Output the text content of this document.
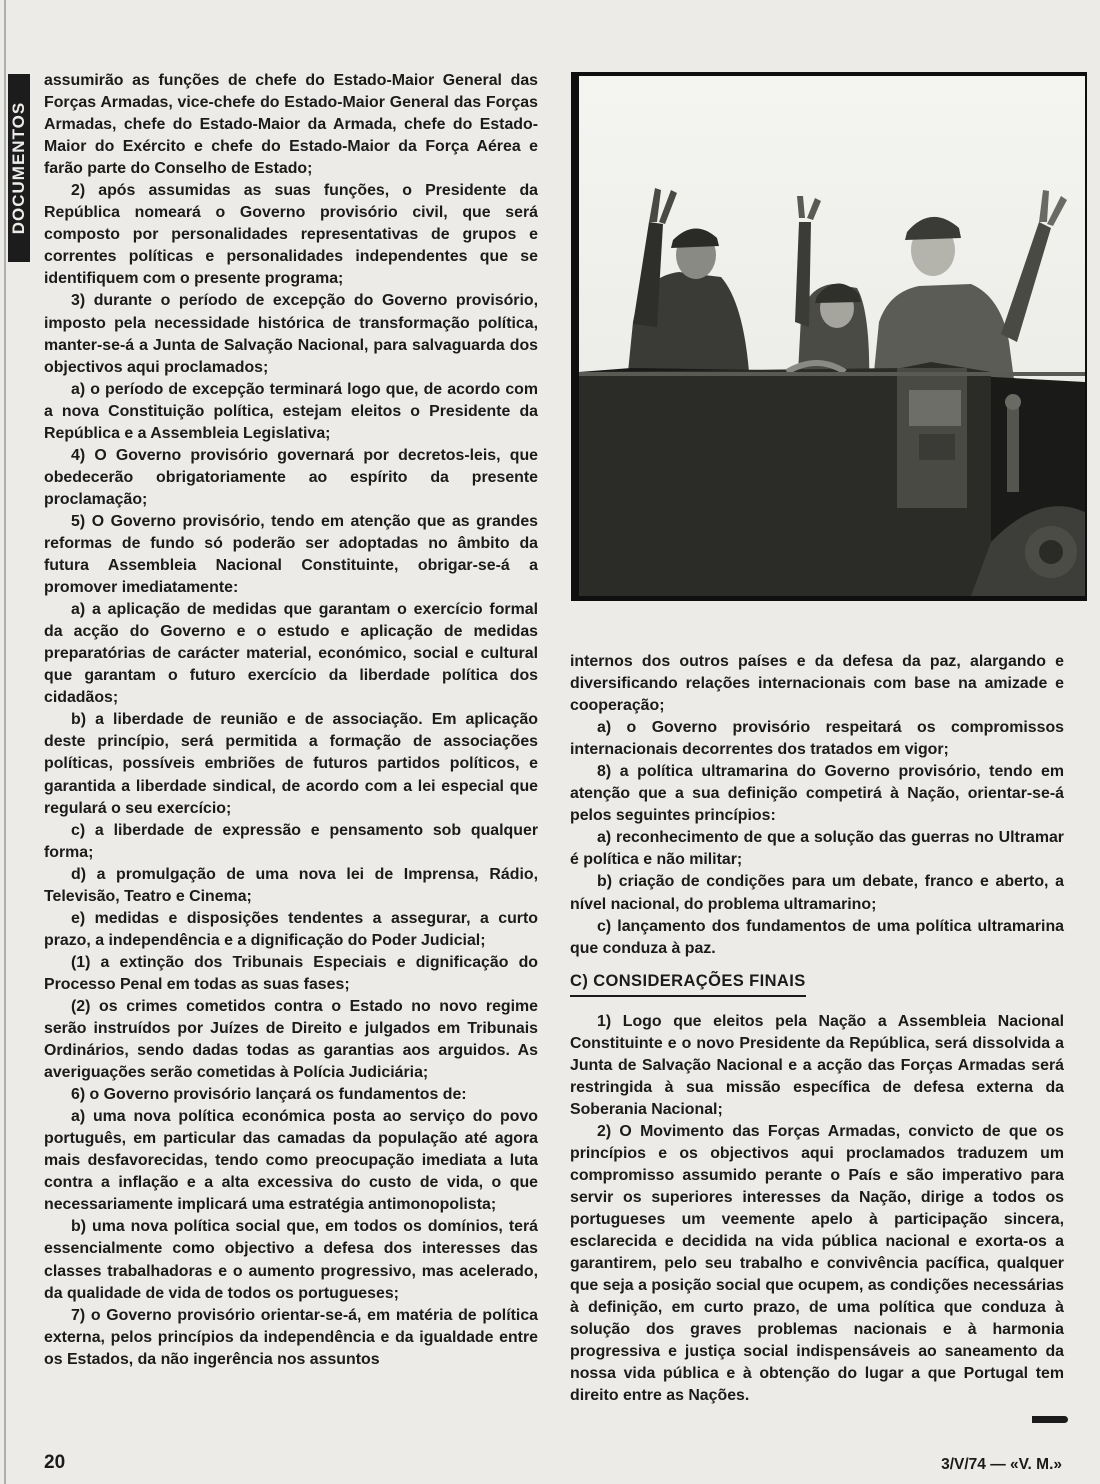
DOCUMENTOS

assumirão as funções de chefe do Estado-Maior General das Forças Armadas, vice-chefe do Estado-Maior General das Forças Armadas, chefe do Estado-Maior da Armada, chefe do Estado-Maior do Exército e chefe do Estado-Maior da Força Aérea e farão parte do Conselho de Estado;

2) após assumidas as suas funções, o Presidente da República nomeará o Governo provisório civil, que será composto por personalidades representativas de grupos e correntes políticas e personalidades independentes que se identifiquem com o presente programa;

3) durante o período de excepção do Governo provisório, imposto pela necessidade histórica de transformação política, manter-se-á a Junta de Salvação Nacional, para salvaguarda dos objectivos aqui proclamados;

a) o período de excepção terminará logo que, de acordo com a nova Constituição política, estejam eleitos o Presidente da República e a Assembleia Legislativa;

4) O Governo provisório governará por decretos-leis, que obedecerão obrigatoriamente ao espírito da presente proclamação;

5) O Governo provisório, tendo em atenção que as grandes reformas de fundo só poderão ser adoptadas no âmbito da futura Assembleia Nacional Constituinte, obrigar-se-á a promover imediatamente:

a) a aplicação de medidas que garantam o exercício formal da acção do Governo e o estudo e aplicação de medidas preparatórias de carácter material, económico, social e cultural que garantam o futuro exercício da liberdade política dos cidadãos;

b) a liberdade de reunião e de associação. Em aplicação deste princípio, será permitida a formação de associações políticas, possíveis embriões de futuros partidos políticos, e garantida a liberdade sindical, de acordo com a lei especial que regulará o seu exercício;

c) a liberdade de expressão e pensamento sob qualquer forma;

d) a promulgação de uma nova lei de Imprensa, Rádio, Televisão, Teatro e Cinema;

e) medidas e disposições tendentes a assegurar, a curto prazo, a independência e a dignificação do Poder Judicial;

(1) a extinção dos Tribunais Especiais e dignificação do Processo Penal em todas as suas fases;

(2) os crimes cometidos contra o Estado no novo regime serão instruídos por Juízes de Direito e julgados em Tribunais Ordinários, sendo dadas todas as garantias aos arguidos. As averiguações serão cometidas à Polícia Judiciária;

6) o Governo provisório lançará os fundamentos de:

a) uma nova política económica posta ao serviço do povo português, em particular das camadas da população até agora mais desfavorecidas, tendo como preocupação imediata a luta contra a inflação e a alta excessiva do custo de vida, o que necessariamente implicará uma estratégia antimonopolista;

b) uma nova política social que, em todos os domínios, terá essencialmente como objectivo a defesa dos interesses das classes trabalhadoras e o aumento progressivo, mas acelerado, da qualidade de vida de todos os portugueses;

7) o Governo provisório orientar-se-á, em matéria de política externa, pelos princípios da independência e da igualdade entre os Estados, da não ingerência nos assuntos

internos dos outros países e da defesa da paz, alargando e diversificando relações internacionais com base na amizade e cooperação;

a) o Governo provisório respeitará os compromissos internacionais decorrentes dos tratados em vigor;

8) a política ultramarina do Governo provisório, tendo em atenção que a sua definição competirá à Nação, orientar-se-á pelos seguintes princípios:

a) reconhecimento de que a solução das guerras no Ultramar é política e não militar;

b) criação de condições para um debate, franco e aberto, a nível nacional, do problema ultramarino;

c) lançamento dos fundamentos de uma política ultramarina que conduza à paz.

C) CONSIDERAÇÕES FINAIS

1) Logo que eleitos pela Nação a Assembleia Nacional Constituinte e o novo Presidente da República, será dissolvida a Junta de Salvação Nacional e a acção das Forças Armadas será restringida à sua missão específica de defesa externa da Soberania Nacional;

2) O Movimento das Forças Armadas, convicto de que os princípios e os objectivos aqui proclamados traduzem um compromisso assumido perante o País e são imperativo para servir os superiores interesses da Nação, dirige a todos os portugueses um veemente apelo à participação sincera, esclarecida e decidida na vida pública nacional e exorta-os a garantirem, pelo seu trabalho e convivência pacífica, qualquer que seja a posição social que ocupem, as condições necessárias à definição, em curto prazo, de uma política que conduza à solução dos graves problemas nacionais e à harmonia progressiva e justiça social indispensáveis ao saneamento da nossa vida pública e à obtenção do lugar a que Portugal tem direito entre as Nações.

20	3/V/74 — «V. M.»
